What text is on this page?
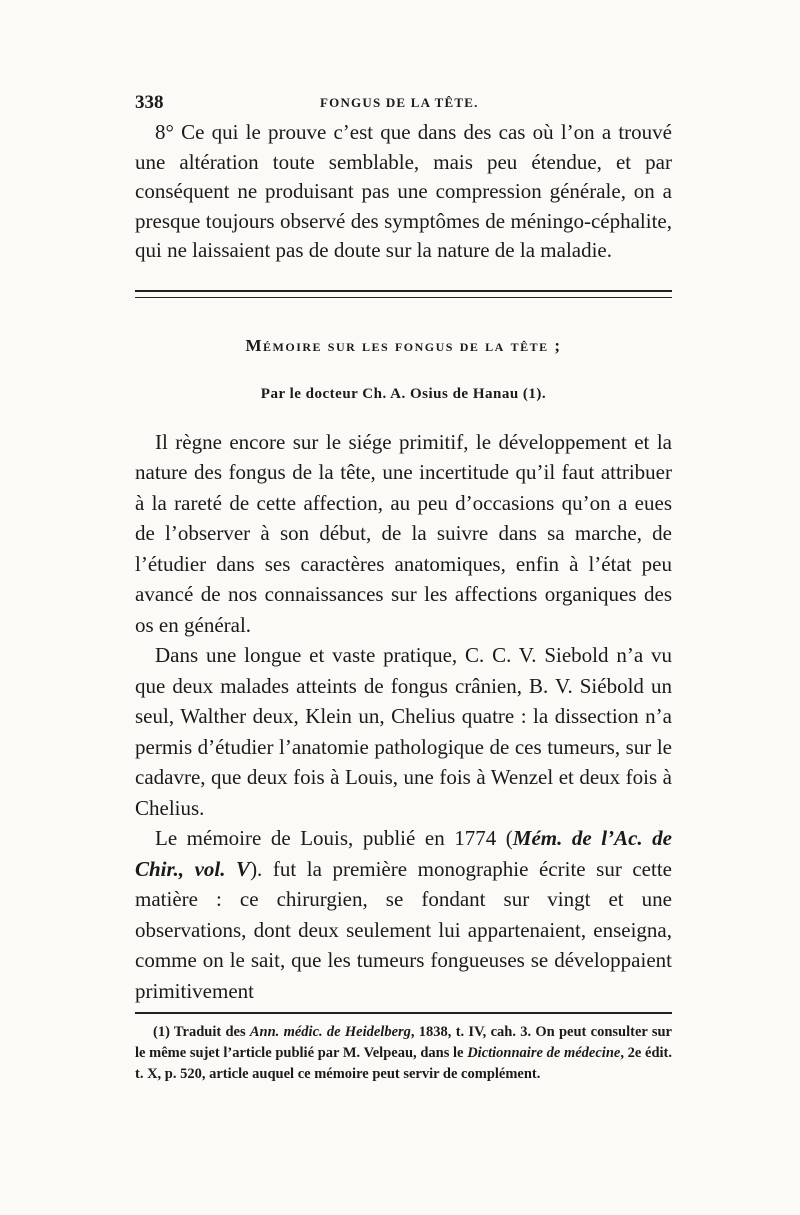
338	FONGUS DE LA TÊTE.

8° Ce qui le prouve c’est que dans des cas où l’on a trouvé une altération toute semblable, mais peu étendue, et par conséquent ne produisant pas une compression générale, on a presque toujours observé des symptômes de méningo-céphalite, qui ne laissaient pas de doute sur la nature de la maladie.

Mémoire sur les fongus de la tête ;
Par le docteur Ch. A. Osius de Hanau (1).

Il règne encore sur le siége primitif, le développement et la nature des fongus de la tête, une incertitude qu’il faut attribuer à la rareté de cette affection, au peu d’occasions qu’on a eues de l’observer à son début, de la suivre dans sa marche, de l’étudier dans ses caractères anatomiques, enfin à l’état peu avancé de nos connaissances sur les affections organiques des os en général.

Dans une longue et vaste pratique, C. C. V. Siebold n’a vu que deux malades atteints de fongus crânien, B. V. Siébold un seul, Walther deux, Klein un, Chelius quatre : la dissection n’a permis d’étudier l’anatomie pathologique de ces tumeurs, sur le cadavre, que deux fois à Louis, une fois à Wenzel et deux fois à Chelius.

Le mémoire de Louis, publié en 1774 (Mém. de l’Ac. de Chir., vol. V). fut la première monographie écrite sur cette matière : ce chirurgien, se fondant sur vingt et une observations, dont deux seulement lui appartenaient, enseigna, comme on le sait, que les tumeurs fongueuses se développaient primitivement

(1) Traduit des Ann. médic. de Heidelberg, 1838, t. IV, cah. 3. On peut consulter sur le même sujet l’article publié par M. Velpeau, dans le Dictionnaire de médecine, 2e édit. t. X, p. 520, article auquel ce mémoire peut servir de complément.
